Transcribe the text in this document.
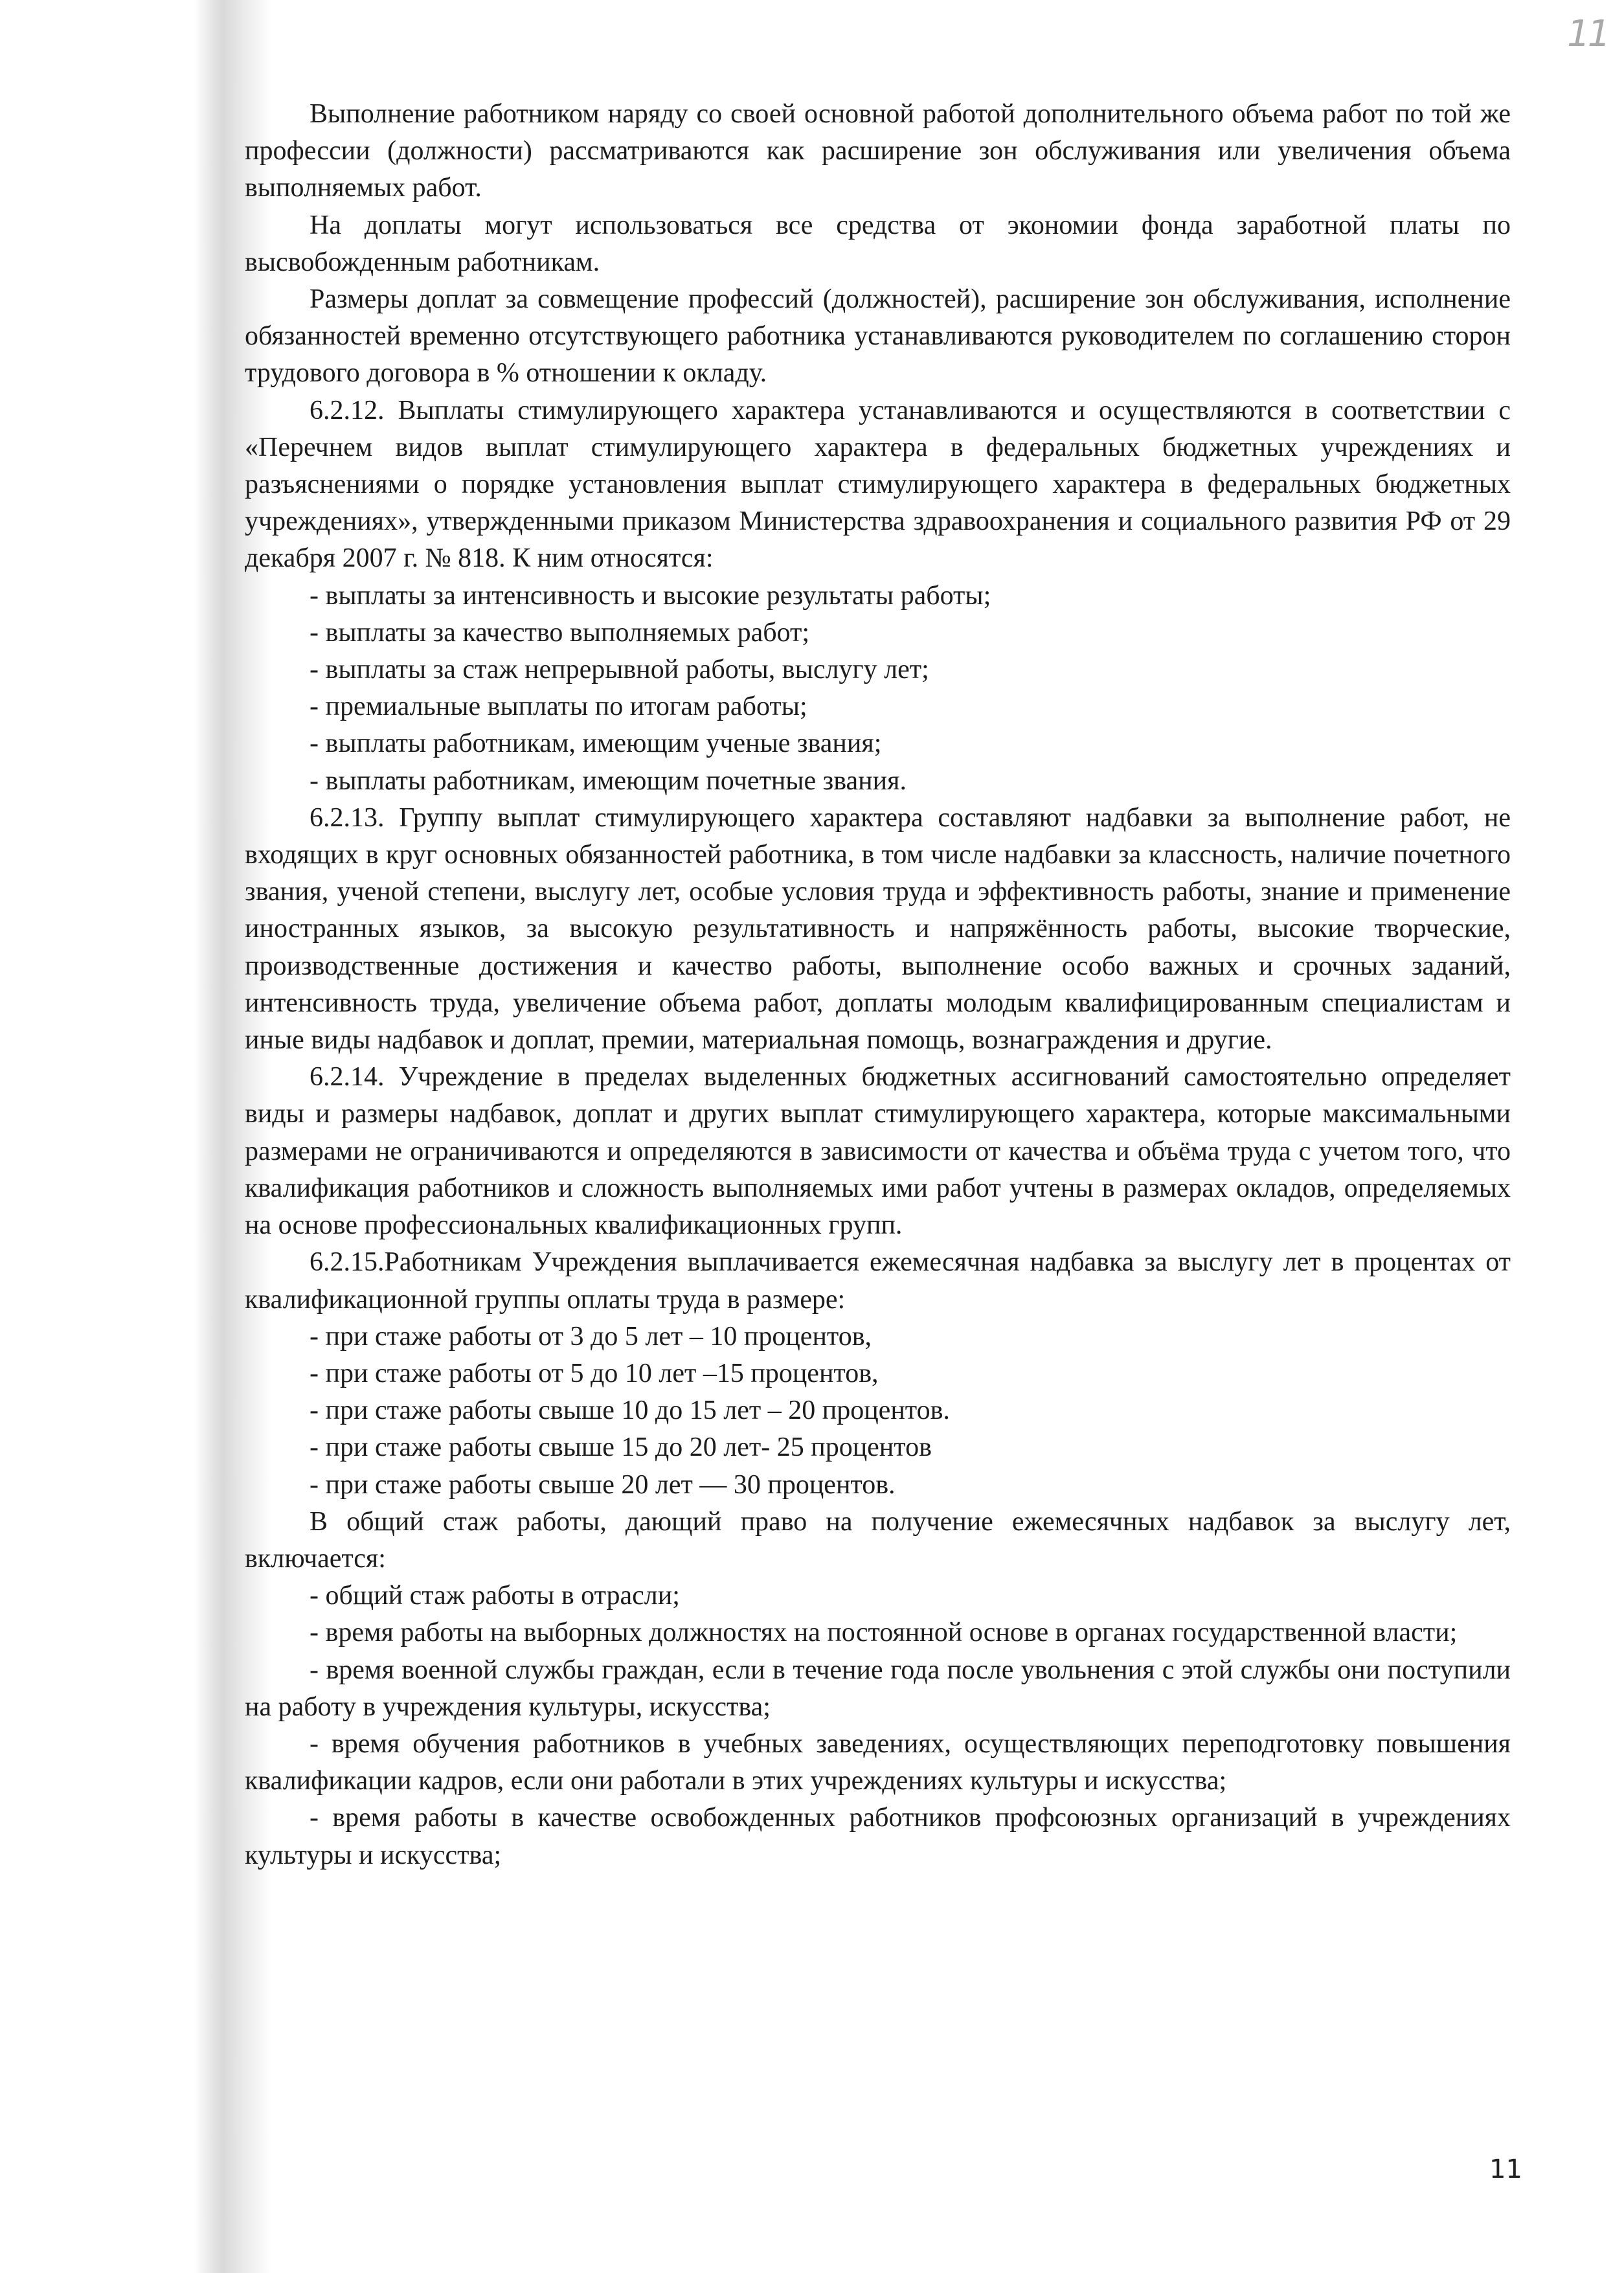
11

Выполнение работником наряду со своей основной работой дополнительного объема работ по той же профессии (должности) рассматриваются как расширение зон обслуживания или увеличения объема выполняемых работ.

На доплаты могут использоваться все средства от экономии фонда заработной платы по высвобожденным работникам.

Размеры доплат за совмещение профессий (должностей), расширение зон обслуживания, исполнение обязанностей временно отсутствующего работника устанавливаются руководителем по соглашению сторон трудового договора в % отношении к окладу.

6.2.12. Выплаты стимулирующего характера устанавливаются и осуществляются в соответствии с «Перечнем видов выплат стимулирующего характера в федеральных бюджетных учреждениях и разъяснениями о порядке установления выплат стимулирующего характера в федеральных бюджетных учреждениях», утвержденными приказом Министерства здравоохранения и социального развития РФ от 29 декабря 2007 г. № 818. К ним относятся:

- выплаты за интенсивность и высокие результаты работы;

- выплаты за качество выполняемых работ;

- выплаты за стаж непрерывной работы, выслугу лет;

- премиальные выплаты по итогам работы;

- выплаты работникам, имеющим ученые звания;

- выплаты работникам, имеющим почетные звания.

6.2.13. Группу выплат стимулирующего характера составляют надбавки за выполнение работ, не входящих в круг основных обязанностей работника, в том числе надбавки за классность, наличие почетного звания, ученой степени, выслугу лет, особые условия труда и эффективность работы, знание и применение иностранных языков, за высокую результативность и напряжённость работы, высокие творческие, производственные достижения и качество работы, выполнение особо важных и срочных заданий, интенсивность труда, увеличение объема работ, доплаты молодым квалифицированным специалистам и иные виды надбавок и доплат, премии, материальная помощь, вознаграждения и другие.

6.2.14. Учреждение в пределах выделенных бюджетных ассигнований самостоятельно определяет виды и размеры надбавок, доплат и других выплат стимулирующего характера, которые максимальными размерами не ограничиваются и определяются в зависимости от качества и объёма труда с учетом того, что квалификация работников и сложность выполняемых ими работ учтены в размерах окладов, определяемых на основе профессиональных квалификационных групп.

6.2.15.Работникам Учреждения выплачивается ежемесячная надбавка за выслугу лет в процентах от квалификационной группы оплаты труда в размере:

- при стаже работы от 3 до 5 лет – 10 процентов,

- при стаже работы от 5 до 10 лет –15 процентов,

- при стаже работы свыше 10 до 15 лет – 20 процентов.

- при стаже работы свыше 15 до 20 лет- 25 процентов

- при стаже работы свыше 20 лет — 30 процентов.

В общий стаж работы, дающий право на получение ежемесячных надбавок за выслугу лет, включается:

- общий стаж работы в отрасли;

- время работы на выборных должностях на постоянной основе в органах государственной власти;

- время военной службы граждан, если в течение года после увольнения с этой службы они поступили на работу в учреждения культуры, искусства;

- время обучения работников в учебных заведениях, осуществляющих переподготовку повышения квалификации кадров, если они работали в этих учреждениях культуры и искусства;

- время работы в качестве освобожденных работников профсоюзных организаций в учреждениях культуры и искусства;

11
